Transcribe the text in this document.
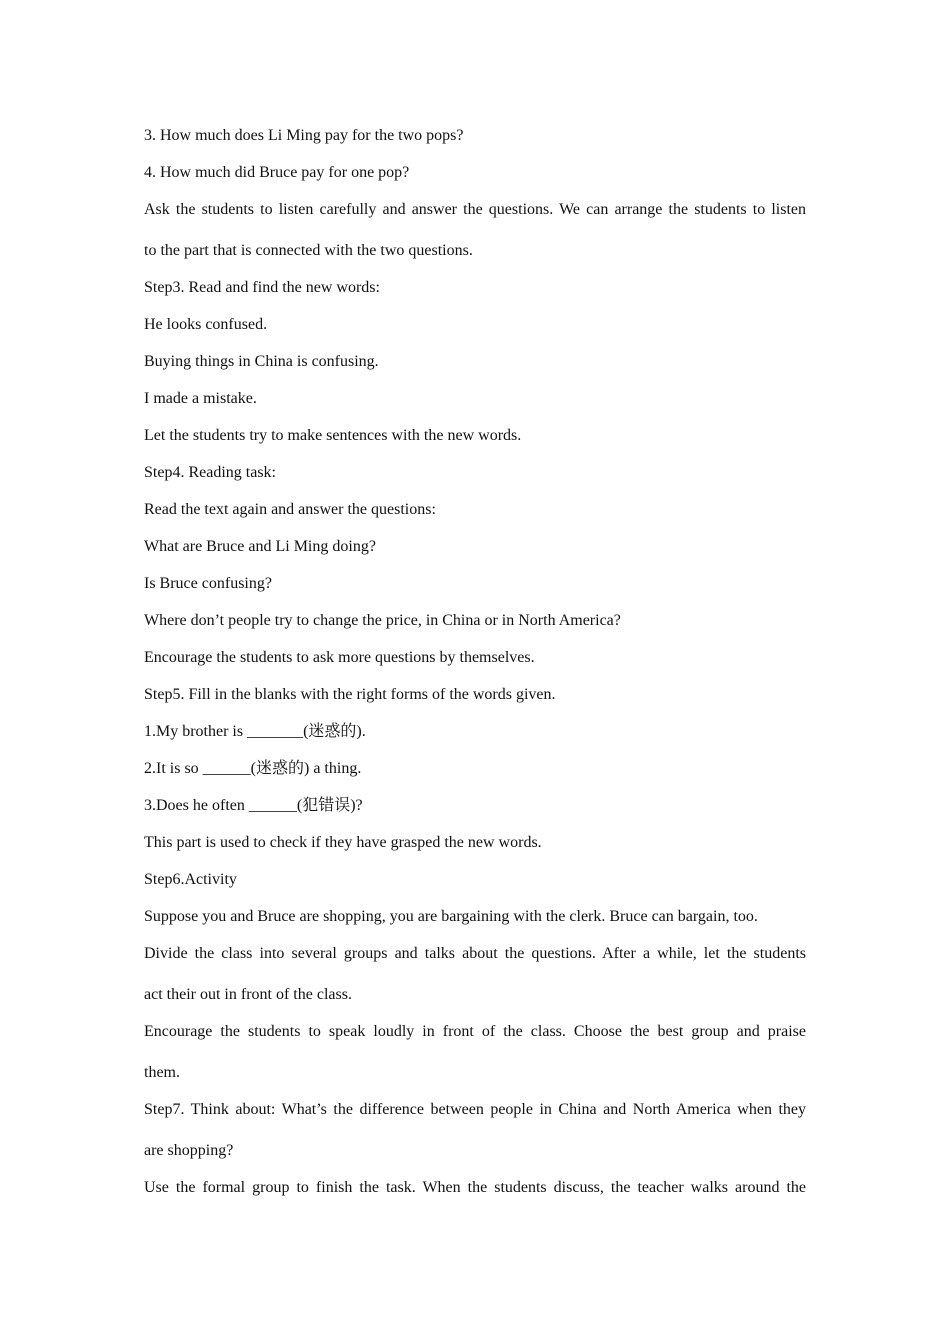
3. How much does Li Ming pay for the two pops?

4. How much did Bruce pay for one pop?

Ask the students to listen carefully and answer the questions. We can arrange the students to listen

to the part that is connected with the two questions.

Step3. Read and find the new words:

He looks confused.

Buying things in China is confusing.

I made a mistake.

Let the students try to make sentences with the new words.

Step4. Reading task:

Read the text again and answer the questions:

What are Bruce and Li Ming doing?

Is Bruce confusing?

Where don’t people try to change the price, in China or in North America?

Encourage the students to ask more questions by themselves.

Step5. Fill in the blanks with the right forms of the words given.

1.My brother is _______(迷惑的).

2.It is so ______(迷惑的) a thing.

3.Does he often ______(犯错误)?

This part is used to check if they have grasped the new words.

Step6.Activity

Suppose you and Bruce are shopping, you are bargaining with the clerk. Bruce can bargain, too.

Divide the class into several groups and talks about the questions. After a while, let the students

act their out in front of the class.

Encourage the students to speak loudly in front of the class. Choose the best group and praise

them.

Step7. Think about: What’s the difference between people in China and North America when they

are shopping?

Use the formal group to finish the task. When the students discuss, the teacher walks around the
